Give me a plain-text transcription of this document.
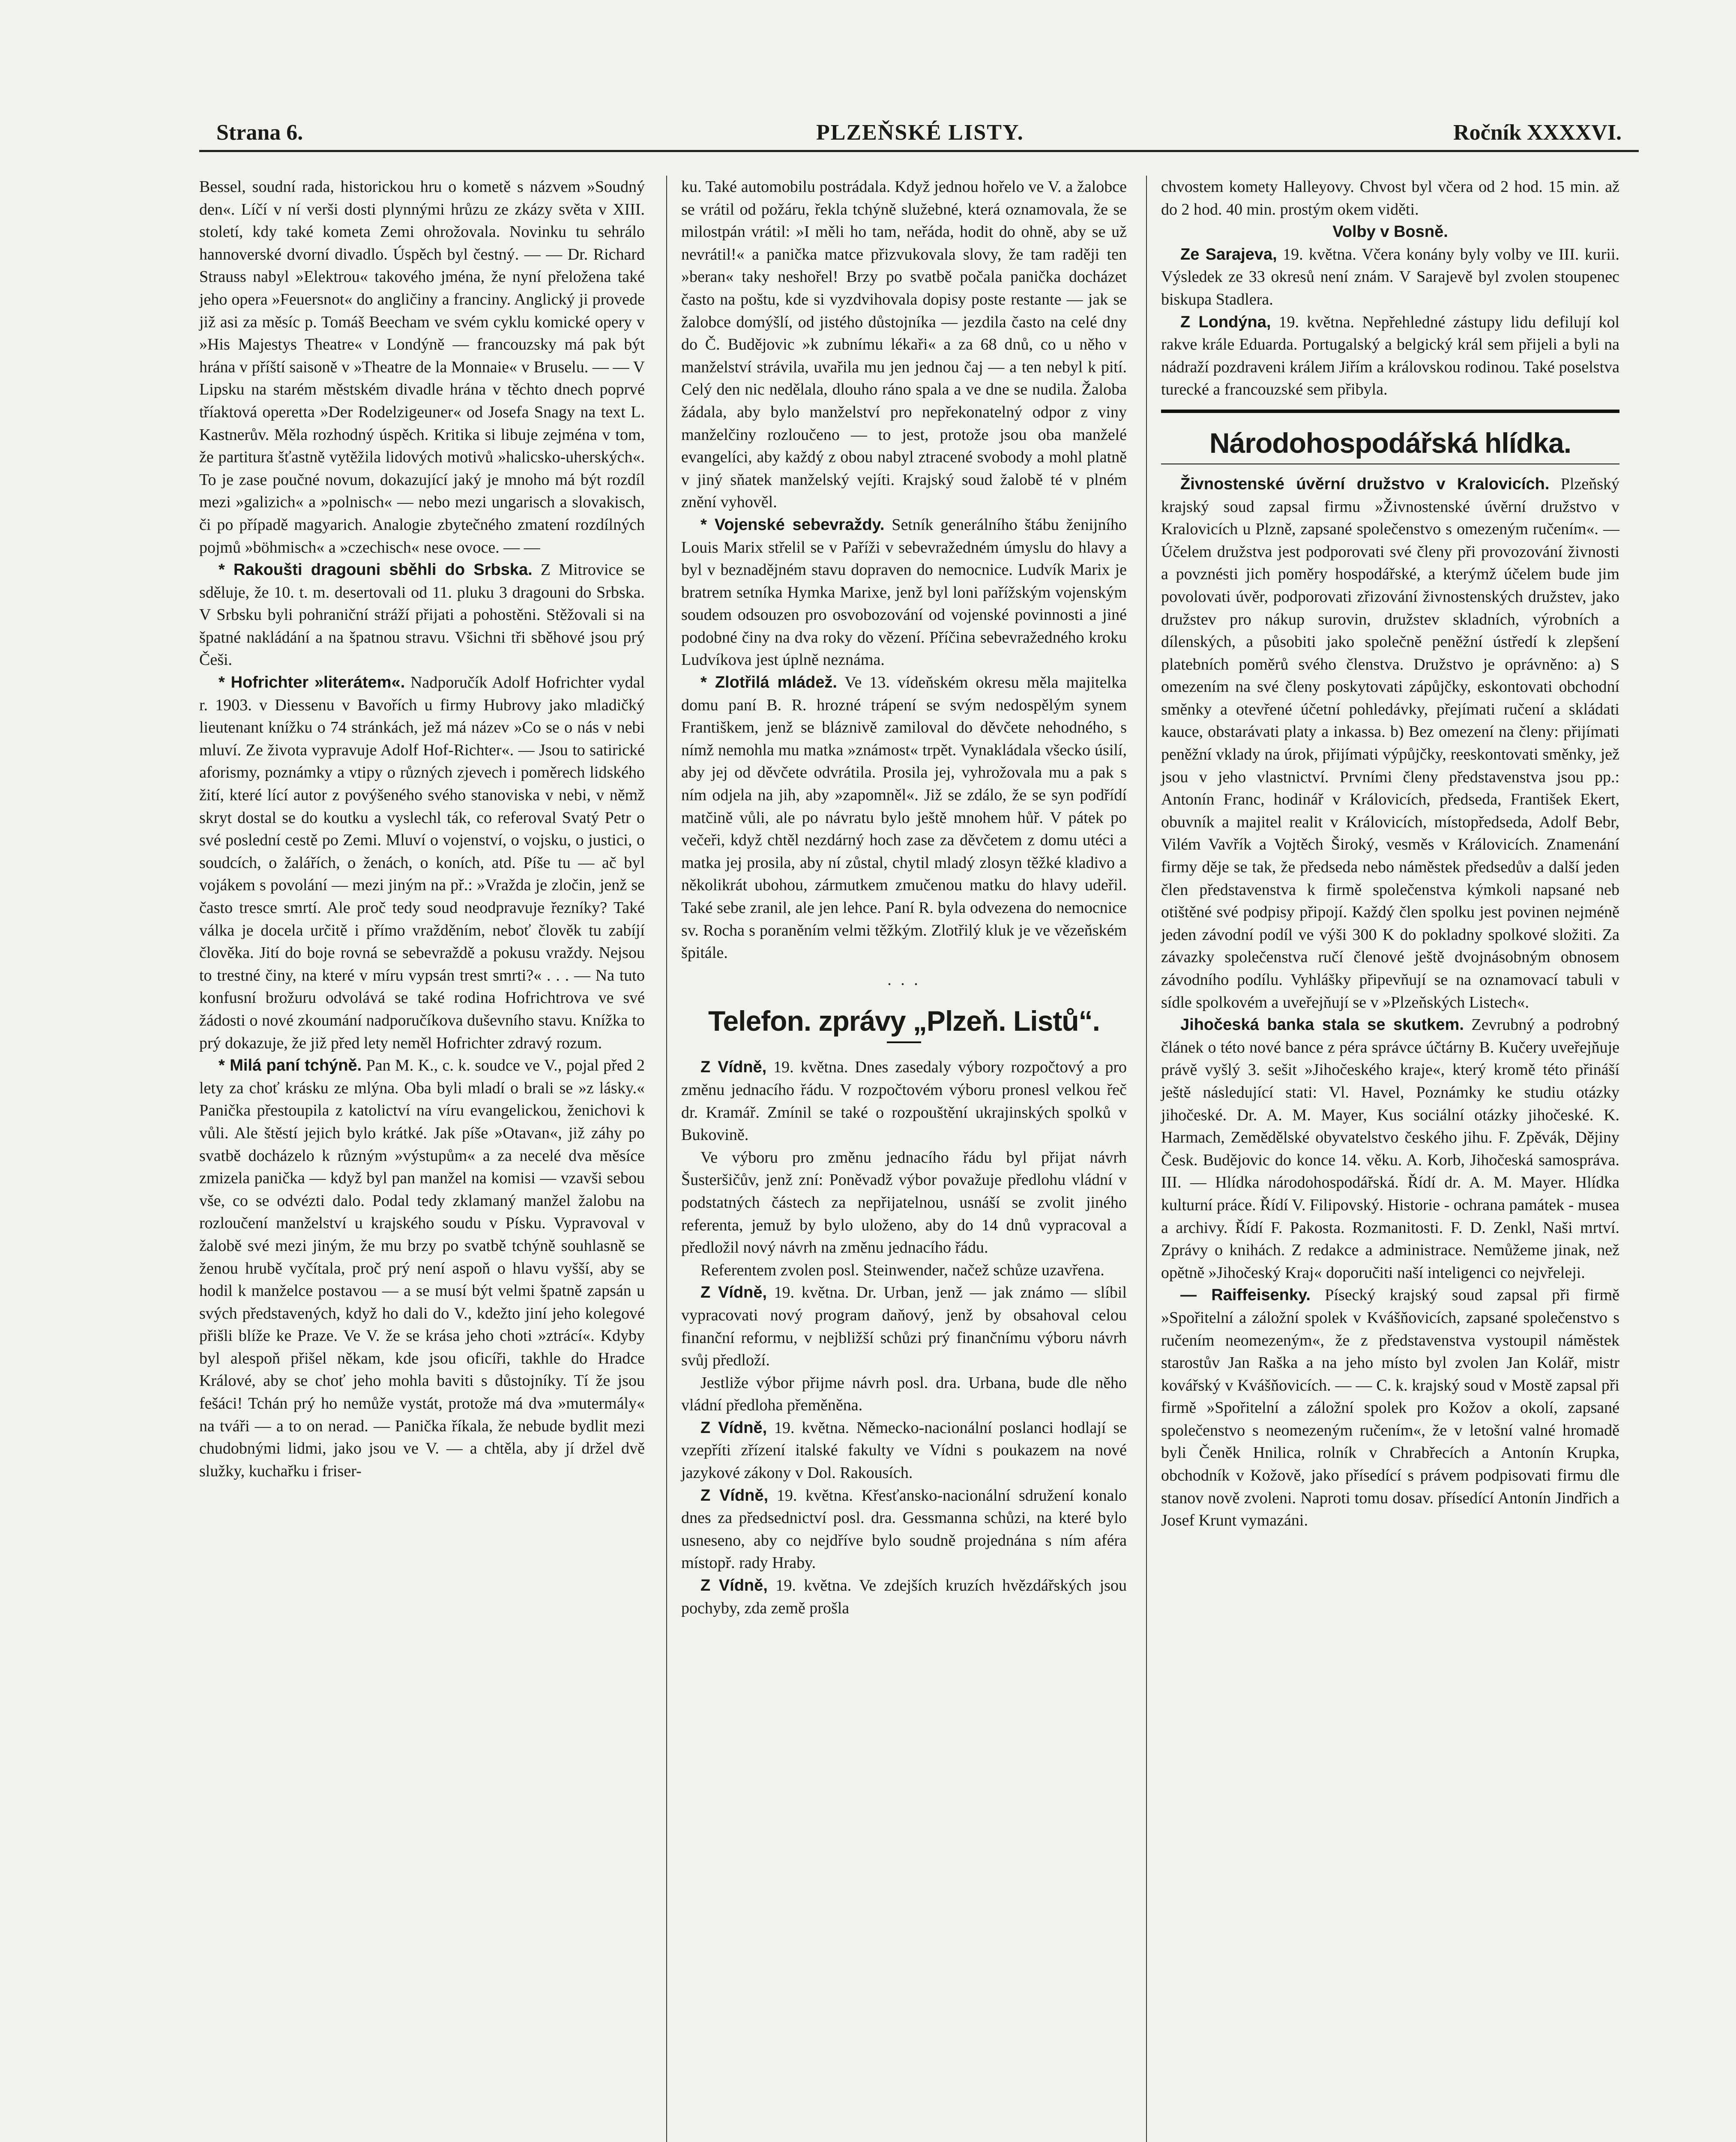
Strana 6.	PLZEŇSKÉ LISTY.	Ročník XXXXVI.

Bessel, soudní rada, historickou hru o kometě s názvem »Soudný den«. Líčí v ní verši dosti plynnými hrůzu ze zkázy světa v XIII. století, kdy také kometa Zemi ohrožovala. Novinku tu sehrálo hannoverské dvorní divadlo. Úspěch byl čestný. — — Dr. Richard Strauss nabyl »Elektrou« takového jména, že nyní přeložena také jeho opera »Feuersnot« do angličiny a franciny. Anglický ji provede již asi za měsíc p. Tomáš Beecham ve svém cyklu komické opery v »His Majestys Theatre« v Londýně — francouzsky má pak být hrána v příští saisoně v »Theatre de la Monnaie« v Bruselu. — — V Lipsku na starém městském divadle hrána v těchto dnech poprvé tříaktová operetta »Der Rodelzigeuner« od Josefa Snagy na text L. Kastnerův. Měla rozhodný úspěch. Kritika si libuje zejména v tom, že partitura šťastně vytěžila lidových motivů »halicsko-uherských«. To je zase poučné novum, dokazující jaký je mnoho má být rozdíl mezi »galizich« a »polnisch« — nebo mezi ungarisch a slovakisch, či po případě magyarich. Analogie zbytečného zmatení rozdílných pojmů »böhmisch« a »czechisch« nese ovoce. — —

* Rakoušti dragouni sběhli do Srbska. Z Mitrovice se sděluje, že 10. t. m. desertovali od 11. pluku 3 dragouni do Srbska. V Srbsku byli pohraniční stráží přijati a pohostěni. Stěžovali si na špatné nakládání a na špatnou stravu. Všichni tři sběhové jsou prý Češi.

* Hofrichter »literátem«. Nadporučík Adolf Hofrichter vydal r. 1903. v Diessenu v Bavořích u firmy Hubrovy jako mladičký lieutenant knížku o 74 stránkách, jež má název »Co se o nás v nebi mluví. Ze života vypravuje Adolf Hof-Richter«. — Jsou to satirické aforismy, poznámky a vtipy o různých zjevech i poměrech lidského žití, které lící autor z povýšeného svého stanoviska v nebi, v němž skryt dostal se do koutku a vyslechl ták, co referoval Svatý Petr o své poslední cestě po Zemi. Mluví o vojenství, o vojsku, o justici, o soudcích, o žalářích, o ženách, o koních, atd. Píše tu — ač byl vojákem s povolání — mezi jiným na př.: »Vražda je zločin, jenž se často tresce smrtí. Ale proč tedy soud neodpravuje řezníky? Také válka je docela určitě i přímo vražděním, neboť člověk tu zabíjí člověka. Jití do boje rovná se sebevraždě a pokusu vraždy. Nejsou to trestné činy, na které v míru vypsán trest smrti?« . . . — Na tuto konfusní brožuru odvolává se také rodina Hofrichtrova ve své žádosti o nové zkoumání nadporučíkova duševního stavu. Knížka to prý dokazuje, že již před lety neměl Hofrichter zdravý rozum.

* Milá paní tchýně. Pan M. K., c. k. soudce ve V., pojal před 2 lety za choť krásku ze mlýna. Oba byli mladí o brali se »z lásky.« Panička přestoupila z katolictví na víru evangelickou, ženichovi k vůli. Ale štěstí jejich bylo krátké. Jak píše »Otavan«, již záhy po svatbě docházelo k různým »výstupům« a za necelé dva měsíce zmizela panička — když byl pan manžel na komisi — vzavši sebou vše, co se odvézti dalo. Podal tedy zklamaný manžel žalobu na rozloučení manželství u krajského soudu v Písku. Vypravoval v žalobě své mezi jiným, že mu brzy po svatbě tchýně souhlasně se ženou hrubě vyčítala, proč prý není aspoň o hlavu vyšší, aby se hodil k manželce postavou — a se musí být velmi špatně zapsán u svých představených, když ho dali do V., kdežto jiní jeho kolegové přišli blíže ke Praze. Ve V. že se krása jeho choti »ztrácí«. Kdyby byl alespoň přišel někam, kde jsou oficíři, takhle do Hradce Králové, aby se choť jeho mohla baviti s důstojníky. Tí že jsou fešáci! Tchán prý ho nemůže vystát, protože má dva »mutermály« na tváři — a to on nerad. — Panička říkala, že nebude bydlit mezi chudobnými lidmi, jako jsou ve V. — a chtěla, aby jí držel dvě služky, kuchařku i friser-

ku. Také automobilu postrádala. Když jednou hořelo ve V. a žalobce se vrátil od požáru, řekla tchýně služebné, která oznamovala, že se milostpán vrátil: »I měli ho tam, neřáda, hodit do ohně, aby se už nevrátil!« a panička matce přizvukovala slovy, že tam raději ten »beran« taky neshořel! Brzy po svatbě počala panička docházet často na poštu, kde si vyzdvihovala dopisy poste restante — jak se žalobce domýšlí, od jistého důstojníka — jezdila často na celé dny do Č. Budějovic »k zubnímu lékaři« a za 68 dnů, co u něho v manželství strávila, uvařila mu jen jednou čaj — a ten nebyl k pití. Celý den nic nedělala, dlouho ráno spala a ve dne se nudila. Žaloba žádala, aby bylo manželství pro nepřekonatelný odpor z viny manželčiny rozloučeno — to jest, protože jsou oba manželé evangelíci, aby každý z obou nabyl ztracené svobody a mohl platně v jiný sňatek manželský vejíti. Krajský soud žalobě té v plném znění vyhověl.

* Vojenské sebevraždy. Setník generálního štábu ženijního Louis Marix střelil se v Paříži v sebevražedném úmyslu do hlavy a byl v beznadějném stavu dopraven do nemocnice. Ludvík Marix je bratrem setníka Hymka Marixe, jenž byl loni pařížským vojenským soudem odsouzen pro osvobozování od vojenské povinnosti a jiné podobné činy na dva roky do vězení. Příčina sebevražedného kroku Ludvíkova jest úplně neznáma.

* Zlotřilá mládež. Ve 13. vídeňském okresu měla majitelka domu paní B. R. hrozné trápení se svým nedospělým synem Františkem, jenž se bláznivě zamiloval do děvčete nehodného, s nímž nemohla mu matka »známost« trpět. Vynakládala všecko úsilí, aby jej od děvčete odvrátila. Prosila jej, vyhrožovala mu a pak s ním odjela na jih, aby »zapomněl«. Již se zdálo, že se syn podřídí matčině vůli, ale po návratu bylo ještě mnohem hůř. V pátek po večeři, když chtěl nezdárný hoch zase za děvčetem z domu utéci a matka jej prosila, aby ní zůstal, chytil mladý zlosyn těžké kladivo a několikrát ubohou, zármutkem zmučenou matku do hlavy udeřil. Také sebe zranil, ale jen lehce. Paní R. byla odvezena do nemocnice sv. Rocha s poraněním velmi těžkým. Zlotřilý kluk je ve vězeňském špitále.

. . .
Telefon. zprávy „Plzeň. Listů“.

Z Vídně, 19. května. Dnes zasedaly výbory rozpočtový a pro změnu jednacího řádu. V rozpočtovém výboru pronesl velkou řeč dr. Kramář. Zmínil se také o rozpouštění ukrajinských spolků v Bukovině.

Ve výboru pro změnu jednacího řádu byl přijat návrh Šusteršičův, jenž zní: Poněvadž výbor považuje předlohu vládní v podstatných částech za nepřijatelnou, usnáší se zvolit jiného referenta, jemuž by bylo uloženo, aby do 14 dnů vypracoval a předložil nový návrh na změnu jednacího řádu.

Referentem zvolen posl. Steinwender, načež schůze uzavřena.

Z Vídně, 19. května. Dr. Urban, jenž — jak známo — slíbil vypracovati nový program daňový, jenž by obsahoval celou finanční reformu, v nejbližší schůzi prý finančnímu výboru návrh svůj předloží.

Jestliže výbor přijme návrh posl. dra. Urbana, bude dle něho vládní předloha přeměněna.

Z Vídně, 19. května. Německo-nacionální poslanci hodlají se vzepříti zřízení italské fakulty ve Vídni s poukazem na nové jazykové zákony v Dol. Rakousích.

Z Vídně, 19. května. Křesťansko-nacionální sdružení konalo dnes za předsednictví posl. dra. Gessmanna schůzi, na které bylo usneseno, aby co nejdříve bylo soudně projednána s ním aféra místopř. rady Hraby.

Z Vídně, 19. května. Ve zdejších kruzích hvězdářských jsou pochyby, zda země prošla

chvostem komety Halleyovy. Chvost byl včera od 2 hod. 15 min. až do 2 hod. 40 min. prostým okem viděti.

Volby v Bosně.

Ze Sarajeva, 19. května. Včera konány byly volby ve III. kurii. Výsledek ze 33 okresů není znám. V Sarajevě byl zvolen stoupenec biskupa Stadlera.

Z Londýna, 19. května. Nepřehledné zástupy lidu defilují kol rakve krále Eduarda. Portugalský a belgický král sem přijeli a byli na nádraží pozdraveni králem Jiřím a královskou rodinou. Také poselstva turecké a francouzské sem přibyla.

Národohospodářská hlídka.

Živnostenské úvěrní družstvo v Kralovicích. Plzeňský krajský soud zapsal firmu »Živnostenské úvěrní družstvo v Kralovicích u Plzně, zapsané společenstvo s omezeným ručením«. — Účelem družstva jest podporovati své členy při provozování živnosti a povznésti jich poměry hospodářské, a kterýmž účelem bude jim povolovati úvěr, podporovati zřizování živnostenských družstev, jako družstev pro nákup surovin, družstev skladních, výrobních a dílenských, a působiti jako společně peněžní ústředí k zlepšení platebních poměrů svého členstva. Družstvo je oprávněno: a) S omezením na své členy poskytovati zápůjčky, eskontovati obchodní směnky a otevřené účetní pohledávky, přejímati ručení a skládati kauce, obstarávati platy a inkassa. b) Bez omezení na členy: přijímati peněžní vklady na úrok, přijímati výpůjčky, reeskontovati směnky, jež jsou v jeho vlastnictví. Prvními členy představenstva jsou pp.: Antonín Franc, hodinář v Královicích, předseda, František Ekert, obuvník a majitel realit v Královicích, místopředseda, Adolf Bebr, Vilém Vavřík a Vojtěch Široký, vesměs v Královicích. Znamenání firmy děje se tak, že předseda nebo náměstek předsedův a další jeden člen představenstva k firmě společenstva kýmkoli napsané neb otištěné své podpisy připojí. Každý člen spolku jest povinen nejméně jeden závodní podíl ve výši 300 K do pokladny spolkové složiti. Za závazky společenstva ručí členové ještě dvojnásobným obnosem závodního podílu. Vyhlášky připevňují se na oznamovací tabuli v sídle spolkovém a uveřejňují se v »Plzeňských Listech«.

Jihočeská banka stala se skutkem. Zevrubný a podrobný článek o této nové bance z péra správce účtárny B. Kučery uveřejňuje právě vyšlý 3. sešit »Jihočeského kraje«, který kromě této přináší ještě následující stati: Vl. Havel, Poznámky ke studiu otázky jihočeské. Dr. A. M. Mayer, Kus sociální otázky jihočeské. K. Harmach, Zemědělské obyvatelstvo českého jihu. F. Zpěvák, Dějiny Česk. Budějovic do konce 14. věku. A. Korb, Jihočeská samospráva. III. — Hlídka národohospodářská. Řídí dr. A. M. Mayer. Hlídka kulturní práce. Řídí V. Filipovský. Historie - ochrana památek - musea a archivy. Řídí F. Pakosta. Rozmanitosti. F. D. Zenkl, Naši mrtví. Zprávy o knihách. Z redakce a administrace. Nemůžeme jinak, než opětně »Jihočeský Kraj« doporučiti naší inteligenci co nejvřeleji.

— Raiffeisenky. Písecký krajský soud zapsal při firmě »Spořitelní a záložní spolek v Kvášňovicích, zapsané společenstvo s ručením neomezeným«, že z představenstva vystoupil náměstek starostův Jan Raška a na jeho místo byl zvolen Jan Kolář, mistr kovářský v Kvášňovicích. — — C. k. krajský soud v Mostě zapsal při firmě »Spořitelní a záložní spolek pro Kožov a okolí, zapsané společenstvo s neomezeným ručením«, že v letošní valné hromadě byli Čeněk Hnilica, rolník v Chrabřecích a Antonín Krupka, obchodník v Kožově, jako přísedící s právem podpisovati firmu dle stanov nově zvoleni. Naproti tomu dosav. přísedící Antonín Jindřich a Josef Krunt vymazáni.
